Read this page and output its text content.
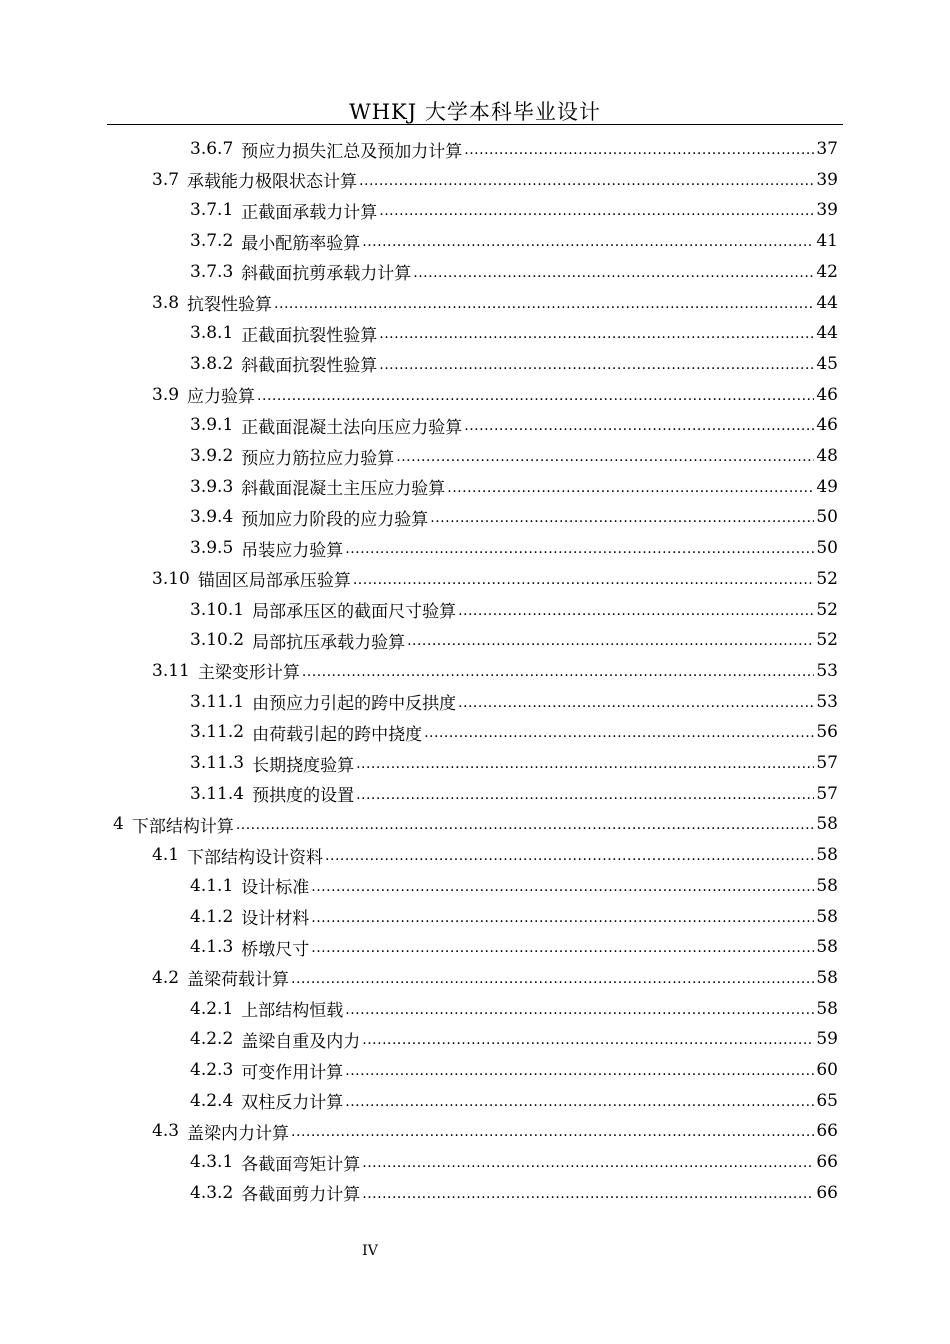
WHKJ 大学本科毕业设计
3.6.7 预应力损失汇总及预加力计算 .....	37
3.7 承载能力极限状态计算 .....	39
3.7.1 正截面承载力计算 .....	39
3.7.2 最小配筋率验算 .....	41
3.7.3 斜截面抗剪承载力计算 .....	42
3.8 抗裂性验算 .....	44
3.8.1 正截面抗裂性验算 .....	44
3.8.2 斜截面抗裂性验算 .....	45
3.9 应力验算 .....	46
3.9.1 正截面混凝土法向压应力验算 .....	46
3.9.2 预应力筋拉应力验算 .....	48
3.9.3 斜截面混凝土主压应力验算 .....	49
3.9.4 预加应力阶段的应力验算 .....	50
3.9.5 吊装应力验算 .....	50
3.10 锚固区局部承压验算 .....	52
3.10.1 局部承压区的截面尺寸验算 .....	52
3.10.2 局部抗压承载力验算 .....	52
3.11 主梁变形计算 .....	53
3.11.1 由预应力引起的跨中反拱度 .....	53
3.11.2 由荷载引起的跨中挠度 .....	56
3.11.3 长期挠度验算 .....	57
3.11.4 预拱度的设置 .....	57
4 下部结构计算 .....	58
4.1 下部结构设计资料 .....	58
4.1.1 设计标准 .....	58
4.1.2 设计材料 .....	58
4.1.3 桥墩尺寸 .....	58
4.2 盖梁荷载计算 .....	58
4.2.1 上部结构恒载 .....	58
4.2.2 盖梁自重及内力 .....	59
4.2.3 可变作用计算 .....	60
4.2.4 双柱反力计算 .....	65
4.3 盖梁内力计算 .....	66
4.3.1 各截面弯矩计算 .....	66
4.3.2 各截面剪力计算 .....	66
IV
